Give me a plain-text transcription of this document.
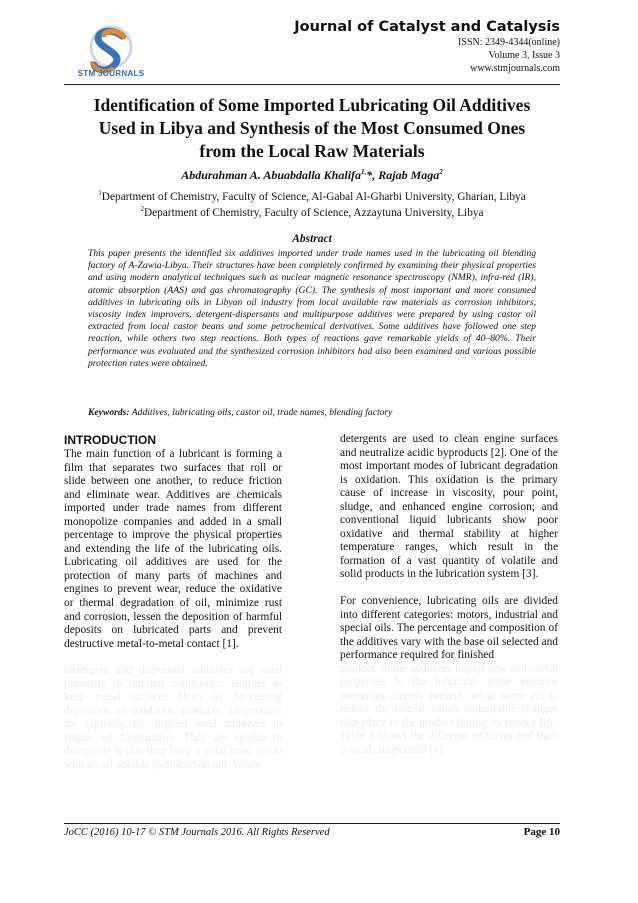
STM JOURNALS
Journal of Catalyst and Catalysis
ISSN: 2349-4344(online)
Volume 3, Issue 3
www.stmjournals.com
Identification of Some Imported Lubricating Oil Additives
Used in Libya and Synthesis of the Most Consumed Ones
from the Local Raw Materials
Abdurahman A. Abuabdalla Khalifa$^{1,}$*, Rajab Maga$^2$
$^1$Department of Chemistry, Faculty of Science, Al-Gabal Al-Gharbi University, Gharian, Libya
$^2$Department of Chemistry, Faculty of Science, Azzaytuna University, Libya
Abstract
This paper presents the identified six additives imported under trade names used in the lubricating oil blending factory of A-Zawia-Libya. Their structures have been completely confirmed by examining their physical properties and using modern analytical techniques such as nuclear magnetic resonance spectroscopy (NMR), infra-red (IR), atomic absorption (AAS) and gas chromatography (GC). The synthesis of most important and more consumed additives in lubricating oils in Libyan oil industry from local available raw materials as corrosion inhibitors, viscosity index improvers, detergent-dispersants and multipurpose additives were prepared by using castor oil extracted from local castor beans and some petrochemical derivatives. Some additives have followed one step reaction, while others two step reactions. Both types of reactions gave remarkable yields of 40–80%. Their performance was evaluated and the synthesized corrosion inhibitors had also been examined and various possible protection rates were obtained.
Keywords: Additives, lubricating oils, castor oil, trade names, blending factory
INTRODUCTION

The main function of a lubricant is forming a film that separates two surfaces that roll or slide between one another, to reduce friction and eliminate wear. Additives are chemicals imported under trade names from different monopolize companies and added in a small percentage to improve the physical properties and extending the life of the lubricating oils. Lubricating oil additives are used for the protection of many parts of machines and engines to prevent wear, reduce the oxidative or thermal degradation of oil, minimize rust and corrosion, lessen the deposition of harmful deposits on lubricated parts and prevent destructive metal-to-metal contact [1].

Detergent and dispersant additives are used primarily in internal combustion engines to keep metal surfaces clean by preventing deposition of oxidation products. Dispersants are typically the highest used additives in engine oil formulation. They are similar to detergents in that they have a polar head group with an oil-soluble hydrocarbon tail. While

detergents are used to clean engine surfaces and neutralize acidic byproducts [2]. One of the most important modes of lubricant degradation is oxidation. This oxidation is the primary cause of increase in viscosity, pour point, sludge, and enhanced engine corrosion; and conventional liquid lubricants show poor oxidative and thermal stability at higher temperature ranges, which result in the formation of a vast quantity of volatile and solid products in the lubrication system [3].

For convenience, lubricating oils are divided into different categories: motors, industrial and special oils. The percentage and composition of the additives vary with the base oil selected and performance required for finished

product. Some additives impart new and useful properties to the lubricant; some enhance properties already present, while some act to reduce the rate at which undesirable changes take place in the product during its service life. Table 1 shows the different additives and their typical compounds [4].

JoCC (2016) 10-17 © STM Journals 2016. All Rights Reserved	Page 10
